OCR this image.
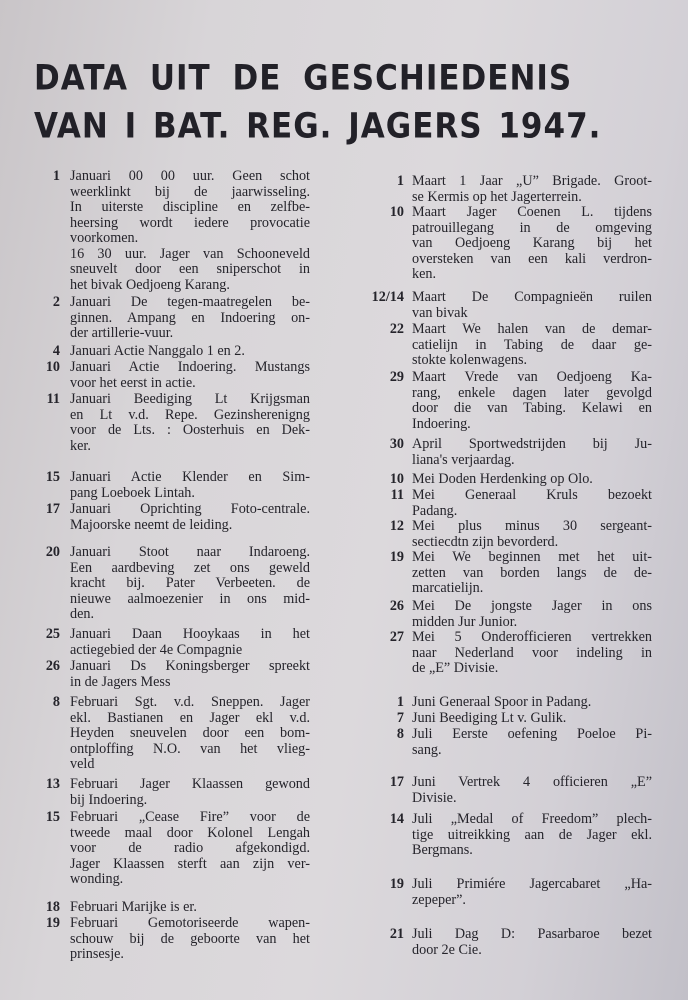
DATA UIT DE GESCHIEDENIS
VAN I BAT. REG. JAGERS 1947.
1 Januari 00 00 uur. Geen schot
weerklinkt bij de jaarwisseling.
In uiterste discipline en zelfbe-
heersing wordt iedere provocatie
voorkomen.
16 30 uur. Jager van Schooneveld
sneuvelt door een sniperschot in
het bivak Oedjoeng Karang.
2 Januari De tegen-maatregelen be-
ginnen. Ampang en Indoering on-
der artillerie-vuur.
4 Januari Actie Nanggalo 1 en 2.
10 Januari Actie Indoering. Mustangs
voor het eerst in actie.
11 Januari Beediging Lt Krijgsman
en Lt v.d. Repe. Gezinsherenigng
voor de Lts. : Oosterhuis en Dek-
ker.
15 Januari Actie Klender en Sim-
pang Loeboek Lintah.
17 Januari Oprichting Foto-centrale.
Majoorske neemt de leiding.
20 Januari Stoot naar Indaroeng.
Een aardbeving zet ons geweld
kracht bij. Pater Verbeeten. de
nieuwe aalmoezenier in ons mid-
den.
25 Januari Daan Hooykaas in het
actiegebied der 4e Compagnie
26 Januari Ds Koningsberger spreekt
in de Jagers Mess
8 Februari Sgt. v.d. Sneppen. Jager
ekl. Bastianen en Jager ekl v.d.
Heyden sneuvelen door een bom-
ontploffing N.O. van het vlieg-
veld
13 Februari Jager Klaassen gewond
bij Indoering.
15 Februari „Cease Fire” voor de
tweede maal door Kolonel Lengah
voor de radio afgekondigd.
Jager Klaassen sterft aan zijn ver-
wonding.
18 Februari Marijke is er.
19 Februari Gemotoriseerde wapen-
schouw bij de geboorte van het
prinsesje.
1 Maart 1 Jaar „U” Brigade. Groot-
se Kermis op het Jagerterrein.
10 Maart Jager Coenen L. tijdens
patrouillegang in de omgeving
van Oedjoeng Karang bij het
oversteken van een kali verdron-
ken.
12/14 Maart De Compagnieën ruilen
van bivak
22 Maart We halen van de demar-
catielijn in Tabing de daar ge-
stokte kolenwagens.
29 Maart Vrede van Oedjoeng Ka-
rang, enkele dagen later gevolgd
door die van Tabing. Kelawi en
Indoering.
30 April Sportwedstrijden bij Ju-
liana's verjaardag.
10 Mei Doden Herdenking op Olo.
11 Mei Generaal Kruls bezoekt
Padang.
12 Mei plus minus 30 sergeant-
sectiecdtn zijn bevorderd.
19 Mei We beginnen met het uit-
zetten van borden langs de de-
marcatielijn.
26 Mei De jongste Jager in ons
midden Jur Junior.
27 Mei 5 Onderofficieren vertrekken
naar Nederland voor indeling in
de „E” Divisie.
1 Juni Generaal Spoor in Padang.
7 Juni Beediging Lt v. Gulik.
8 Juli Eerste oefening Poeloe Pi-
sang.
17 Juni Vertrek 4 officieren „E”
Divisie.
14 Juli „Medal of Freedom” plech-
tige uitreikking aan de Jager ekl.
Bergmans.
19 Juli Primiére Jagercabaret „Ha-
zepeper”.
21 Juli Dag D: Pasarbaroe bezet
door 2e Cie.
